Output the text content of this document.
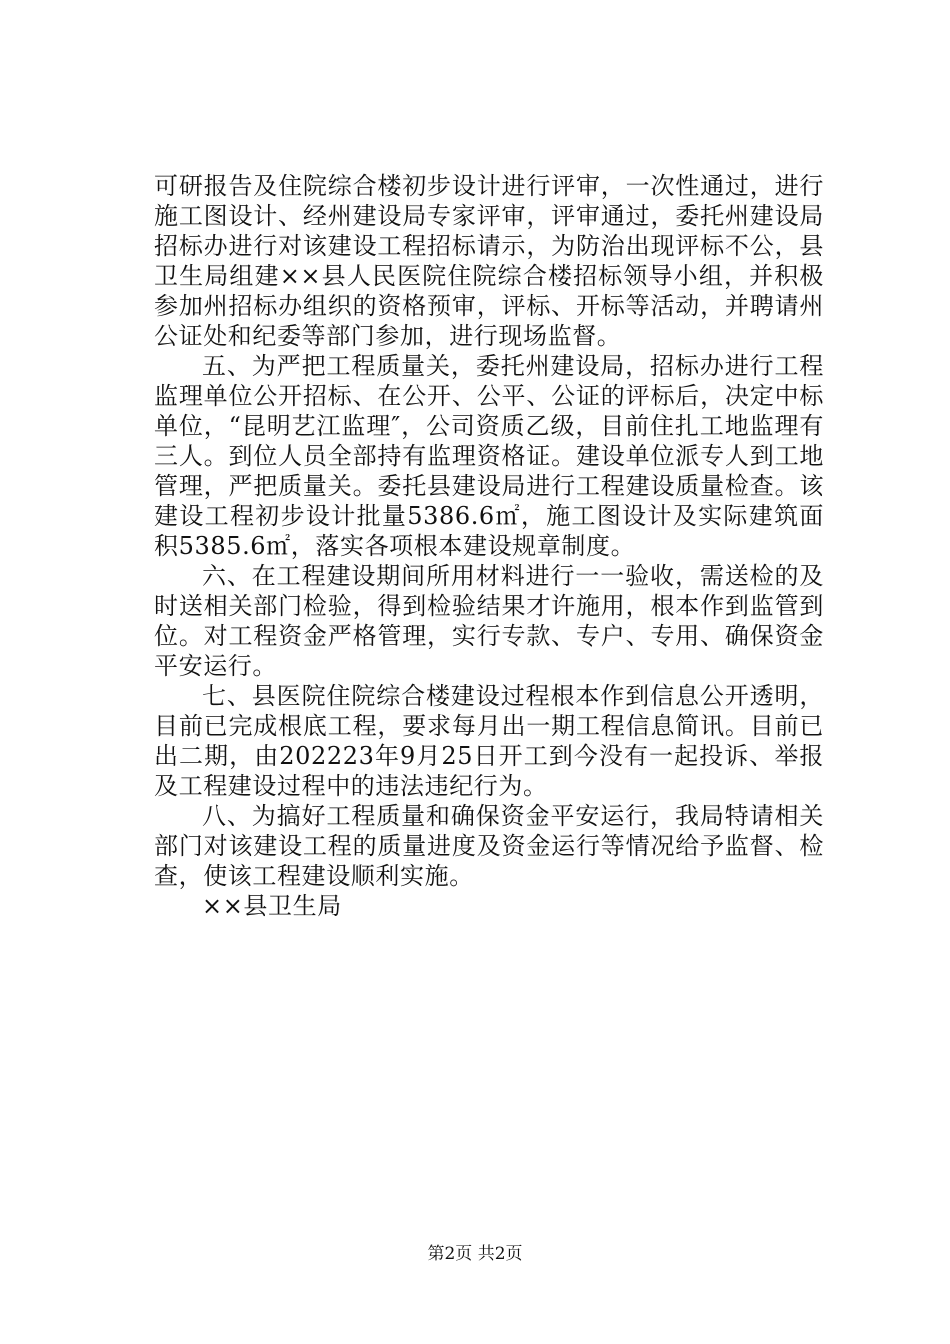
可研报告及住院综合楼初步设计进行评审，一次性通过，进行施工图设计、经州建设局专家评审，评审通过，委托州建设局招标办进行对该建设工程招标请示，为防治出现评标不公，县卫生局组建××县人民医院住院综合楼招标领导小组，并积极参加州招标办组织的资格预审，评标、开标等活动，并聘请州公证处和纪委等部门参加，进行现场监督。

五、为严把工程质量关，委托州建设局，招标办进行工程监理单位公开招标、在公开、公平、公证的评标后，决定中标单位，“昆明艺江监理″，公司资质乙级，目前住扎工地监理有三人。到位人员全部持有监理资格证。建设单位派专人到工地管理，严把质量关。委托县建设局进行工程建设质量检查。该建设工程初步设计批量5386.6㎡，施工图设计及实际建筑面积5385.6㎡，落实各项根本建设规章制度。

六、在工程建设期间所用材料进行一一验收，需送检的及时送相关部门检验，得到检验结果才许施用，根本作到监管到位。对工程资金严格管理，实行专款、专户、专用、确保资金平安运行。

七、县医院住院综合楼建设过程根本作到信息公开透明，目前已完成根底工程，要求每月出一期工程信息简讯。目前已出二期，由202223年9月25日开工到今没有一起投诉、举报及工程建设过程中的违法违纪行为。

八、为搞好工程质量和确保资金平安运行，我局特请相关部门对该建设工程的质量进度及资金运行等情况给予监督、检查，使该工程建设顺利实施。

××县卫生局

第2页 共2页
